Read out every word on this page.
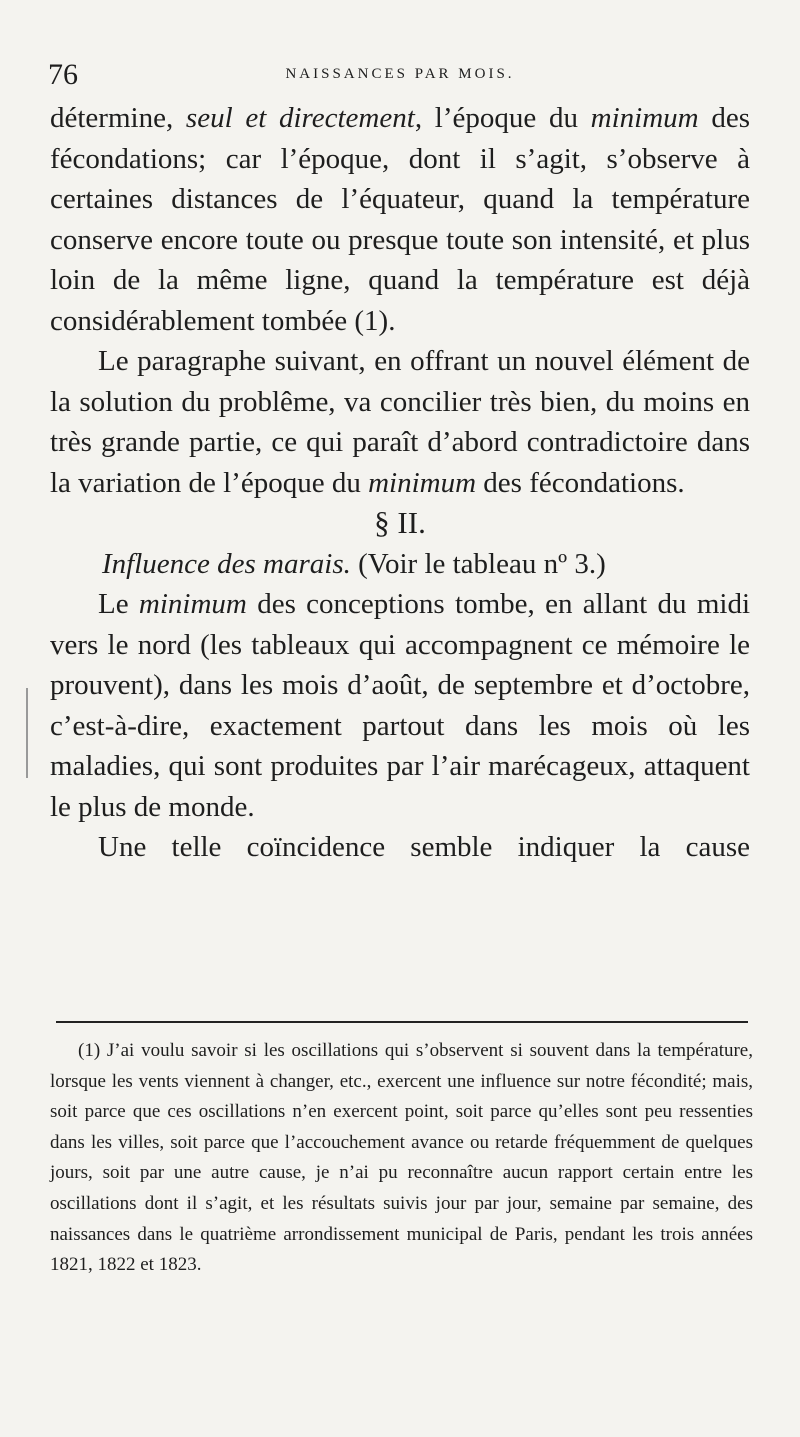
76	NAISSANCES PAR MOIS.

détermine, seul et directement, l’époque du minimum des fécondations; car l’époque, dont il s’agit, s’observe à certaines distances de l’équateur, quand la température conserve encore toute ou presque toute son intensité, et plus loin de la même ligne, quand la température est déjà considérablement tombée (1).

Le paragraphe suivant, en offrant un nouvel élément de la solution du problême, va concilier très bien, du moins en très grande partie, ce qui paraît d’abord contradictoire dans la variation de l’époque du minimum des fécondations.

§ II.

Influence des marais. (Voir le tableau nº 3.)

Le minimum des conceptions tombe, en allant du midi vers le nord (les tableaux qui accompagnent ce mémoire le prouvent), dans les mois d’août, de septembre et d’octobre, c’est-à-dire, exactement partout dans les mois où les maladies, qui sont produites par l’air marécageux, attaquent le plus de monde.

Une telle coïncidence semble indiquer la cause

(1) J’ai voulu savoir si les oscillations qui s’observent si souvent dans la température, lorsque les vents viennent à changer, etc., exercent une influence sur notre fécondité; mais, soit parce que ces oscillations n’en exercent point, soit parce qu’elles sont peu ressenties dans les villes, soit parce que l’accouchement avance ou retarde fréquemment de quelques jours, soit par une autre cause, je n’ai pu reconnaître aucun rapport certain entre les oscillations dont il s’agit, et les résultats suivis jour par jour, semaine par semaine, des naissances dans le quatrième arrondissement municipal de Paris, pendant les trois années 1821, 1822 et 1823.
